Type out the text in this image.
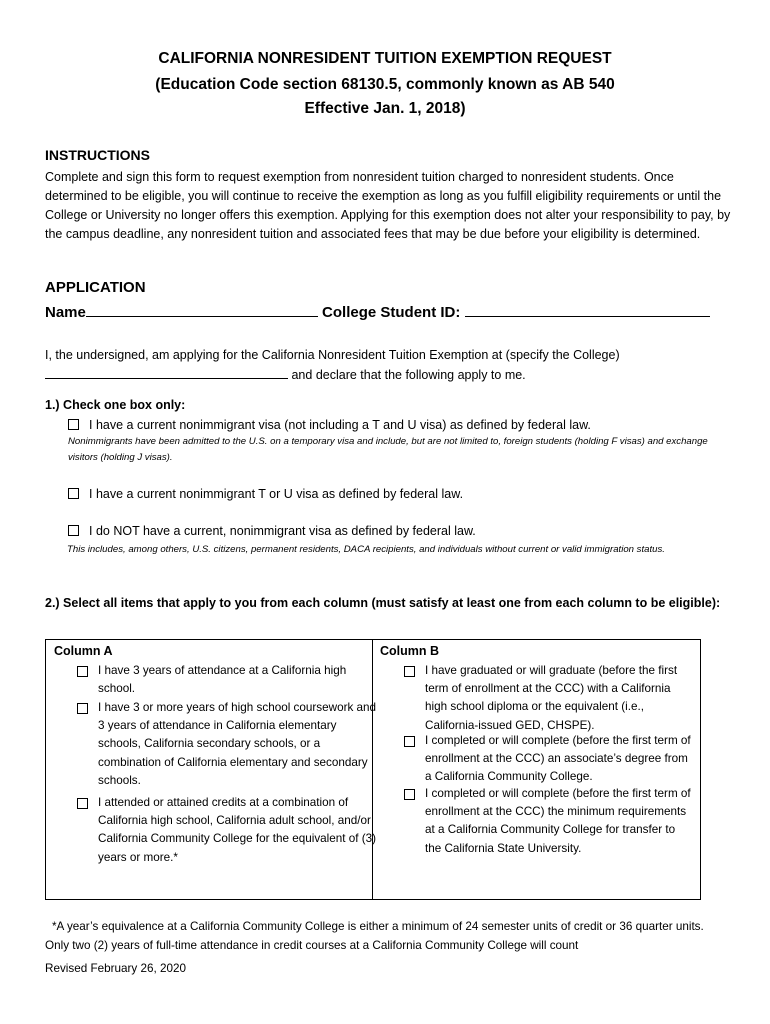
CALIFORNIA NONRESIDENT TUITION EXEMPTION REQUEST
(Education Code section 68130.5, commonly known as AB 540
Effective Jan. 1, 2018)
INSTRUCTIONS
Complete and sign this form to request exemption from nonresident tuition charged to nonresident students. Once determined to be eligible, you will continue to receive the exemption as long as you fulfill eligibility requirements or until the College or University no longer offers this exemption. Applying for this exemption does not alter your responsibility to pay, by the campus deadline, any nonresident tuition and associated fees that may be due before your eligibility is determined.
APPLICATION
Name	College Student ID:
I, the undersigned, am applying for the California Nonresident Tuition Exemption at (specify the College)
and declare that the following apply to me.
1.) Check one box only:
I have a current nonimmigrant visa (not including a T and U visa) as defined by federal law.
Nonimmigrants have been admitted to the U.S. on a temporary visa and include, but are not limited to, foreign students (holding F visas) and exchange visitors (holding J visas).
I have a current nonimmigrant T or U visa as defined by federal law.
I do NOT have a current, nonimmigrant visa as defined by federal law.
This includes, among others, U.S. citizens, permanent residents, DACA recipients, and individuals without current or valid immigration status.
2.) Select all items that apply to you from each column (must satisfy at least one from each column to be eligible):
Column A
I have 3 years of attendance at a California high school.
I have 3 or more years of high school coursework and 3 years of attendance in California elementary schools, California secondary schools, or a combination of California elementary and secondary schools.
I attended or attained credits at a combination of California high school, California adult school, and/or California Community College for the equivalent of (3) years or more.*
Column B
I have graduated or will graduate (before the first term of enrollment at the CCC) with a California high school diploma or the equivalent (i.e., California-issued GED, CHSPE).
I completed or will complete (before the first term of enrollment at the CCC) an associate’s degree from a California Community College.
I completed or will complete (before the first term of enrollment at the CCC) the minimum requirements at a California Community College for transfer to the California State University.
*A year’s equivalence at a California Community College is either a minimum of 24 semester units of credit or 36 quarter units. Only two (2) years of full-time attendance in credit courses at a California Community College will count
Revised February 26, 2020
